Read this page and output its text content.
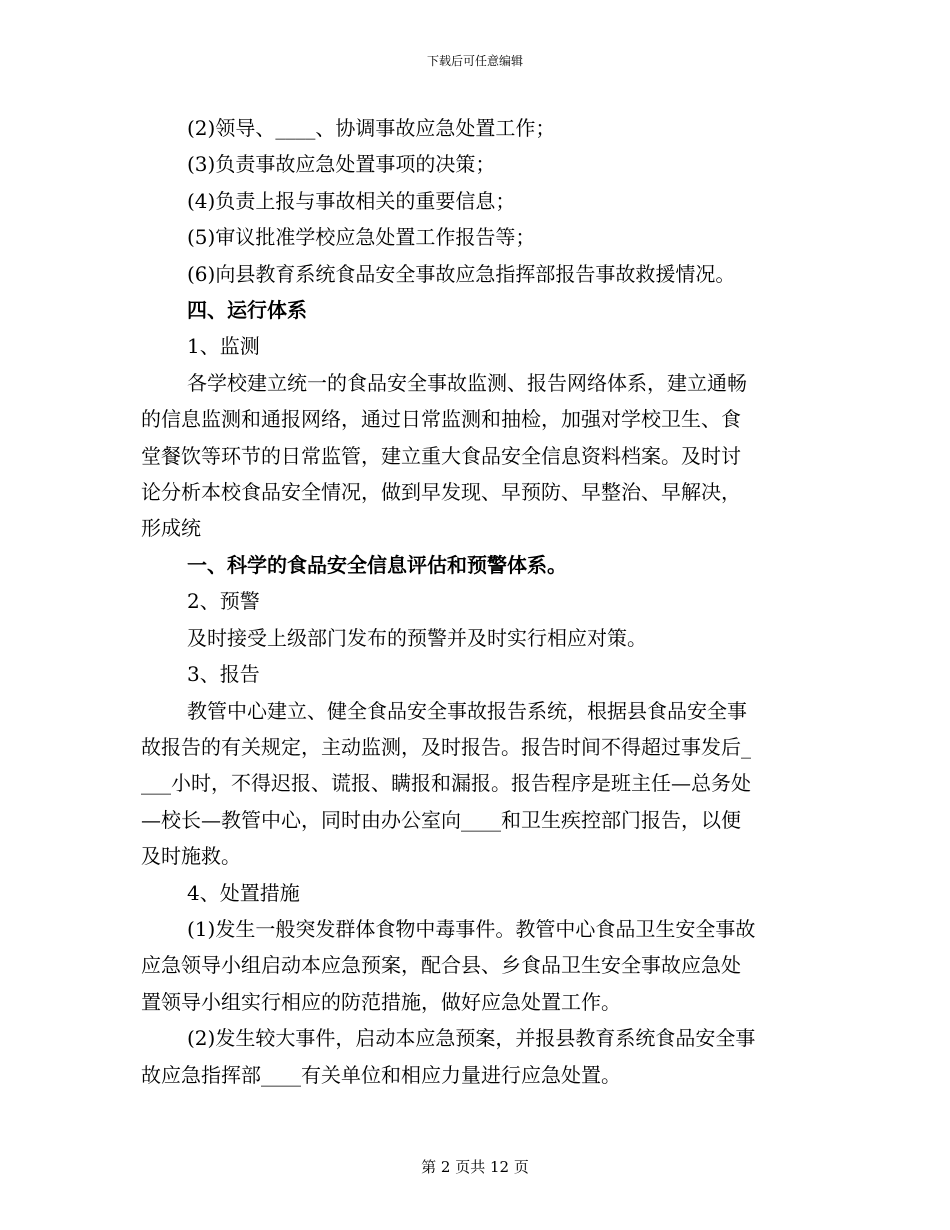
下载后可任意编辑

(2)领导、____、协调事故应急处置工作；

(3)负责事故应急处置事项的决策；

(4)负责上报与事故相关的重要信息；

(5)审议批准学校应急处置工作报告等；

(6)向县教育系统食品安全事故应急指挥部报告事故救援情况。

四、运行体系

1、监测

各学校建立统一的食品安全事故监测、报告网络体系，建立通畅

的信息监测和通报网络，通过日常监测和抽检，加强对学校卫生、食

堂餐饮等环节的日常监管，建立重大食品安全信息资料档案。及时讨

论分析本校食品安全情况，做到早发现、早预防、早整治、早解决，

形成统

一、科学的食品安全信息评估和预警体系。

2、预警

及时接受上级部门发布的预警并及时实行相应对策。

3、报告

教管中心建立、健全食品安全事故报告系统，根据县食品安全事

故报告的有关规定，主动监测，及时报告。报告时间不得超过事发后_

___小时，不得迟报、谎报、瞒报和漏报。报告程序是班主任—总务处

—校长—教管中心，同时由办公室向____和卫生疾控部门报告，以便

及时施救。

4、处置措施

(1)发生一般突发群体食物中毒事件。教管中心食品卫生安全事故

应急领导小组启动本应急预案，配合县、乡食品卫生安全事故应急处

置领导小组实行相应的防范措施，做好应急处置工作。

(2)发生较大事件，启动本应急预案，并报县教育系统食品安全事

故应急指挥部____有关单位和相应力量进行应急处置。

第 2 页共 12 页
